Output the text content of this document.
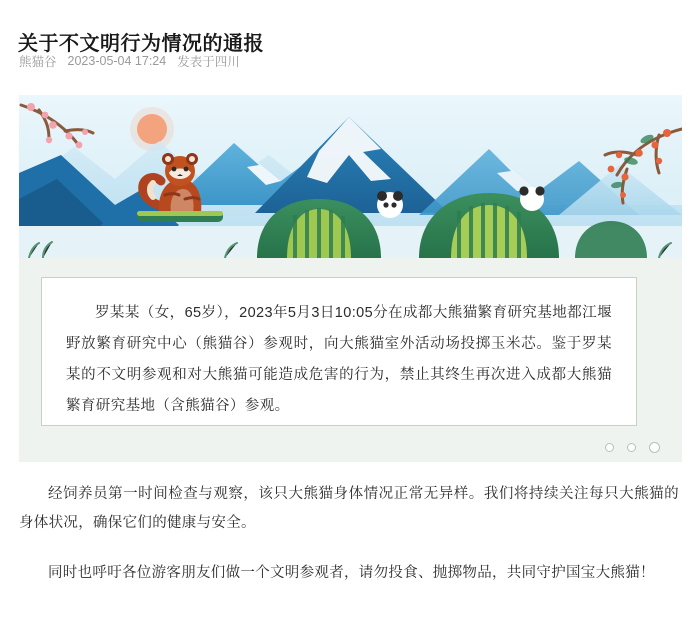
关于不文明行为情况的通报
熊猫谷 2023-05-04 17:24 发表于四川
罗某某（女，65岁），2023年5月3日10:05分在成都大熊猫繁育研究基地都江堰野放繁育研究中心（熊猫谷）参观时，向大熊猫室外活动场投掷玉米芯。鉴于罗某某的不文明参观和对大熊猫可能造成危害的行为，禁止其终生再次进入成都大熊猫繁育研究基地（含熊猫谷）参观。

经饲养员第一时间检查与观察，该只大熊猫身体情况正常无异样。我们将持续关注每只大熊猫的身体状况，确保它们的健康与安全。

同时也呼吁各位游客朋友们做一个文明参观者，请勿投食、抛掷物品，共同守护国宝大熊猫！
